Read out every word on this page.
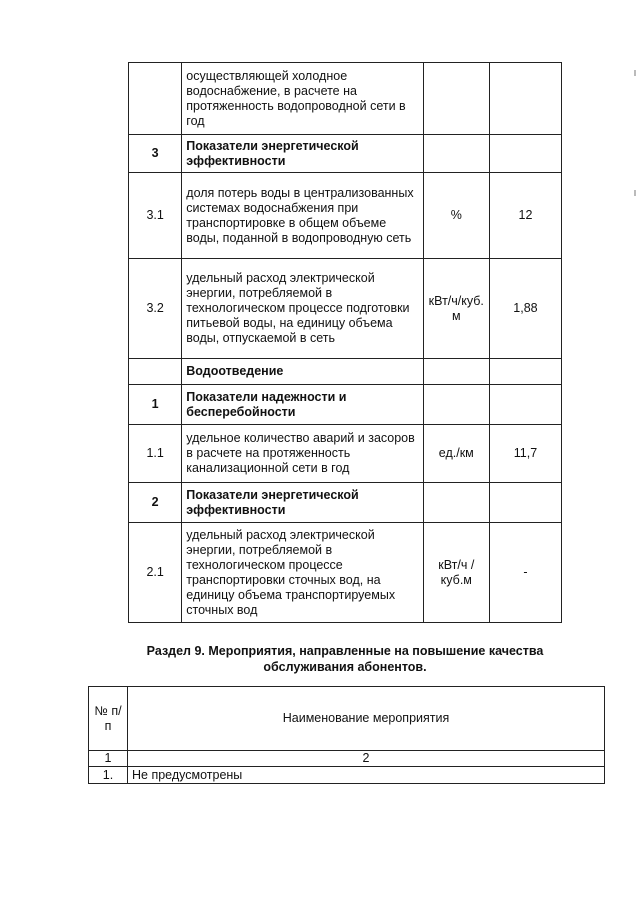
	осуществляющей холодное водоснабжение, в расчете на протяженность водопроводной сети в год		
3	Показатели энергетической эффективности		
3.1	доля потерь воды в централизованных системах водоснабжения при транспортировке в общем объеме воды, поданной в водопроводную сеть	%	12
3.2	удельный расход электрической энергии, потребляемой в технологическом процессе подготовки питьевой воды, на единицу объема воды, отпускаемой в сеть	кВт/ч/куб. м	1,88
	Водоотведение		
1	Показатели надежности и бесперебойности		
1.1	удельное количество аварий и засоров в расчете на протяженность канализационной сети в год	ед./км	11,7
2	Показатели энергетической эффективности		
2.1	удельный расход электрической энергии, потребляемой в технологическом процессе транспортировки сточных вод, на единицу объема транспортируемых сточных вод	кВт/ч /куб.м	-
Раздел 9. Мероприятия, направленные на повышение качества
обслуживания абонентов.
№ п/п	Наименование мероприятия
1	2
1.	Не предусмотрены
